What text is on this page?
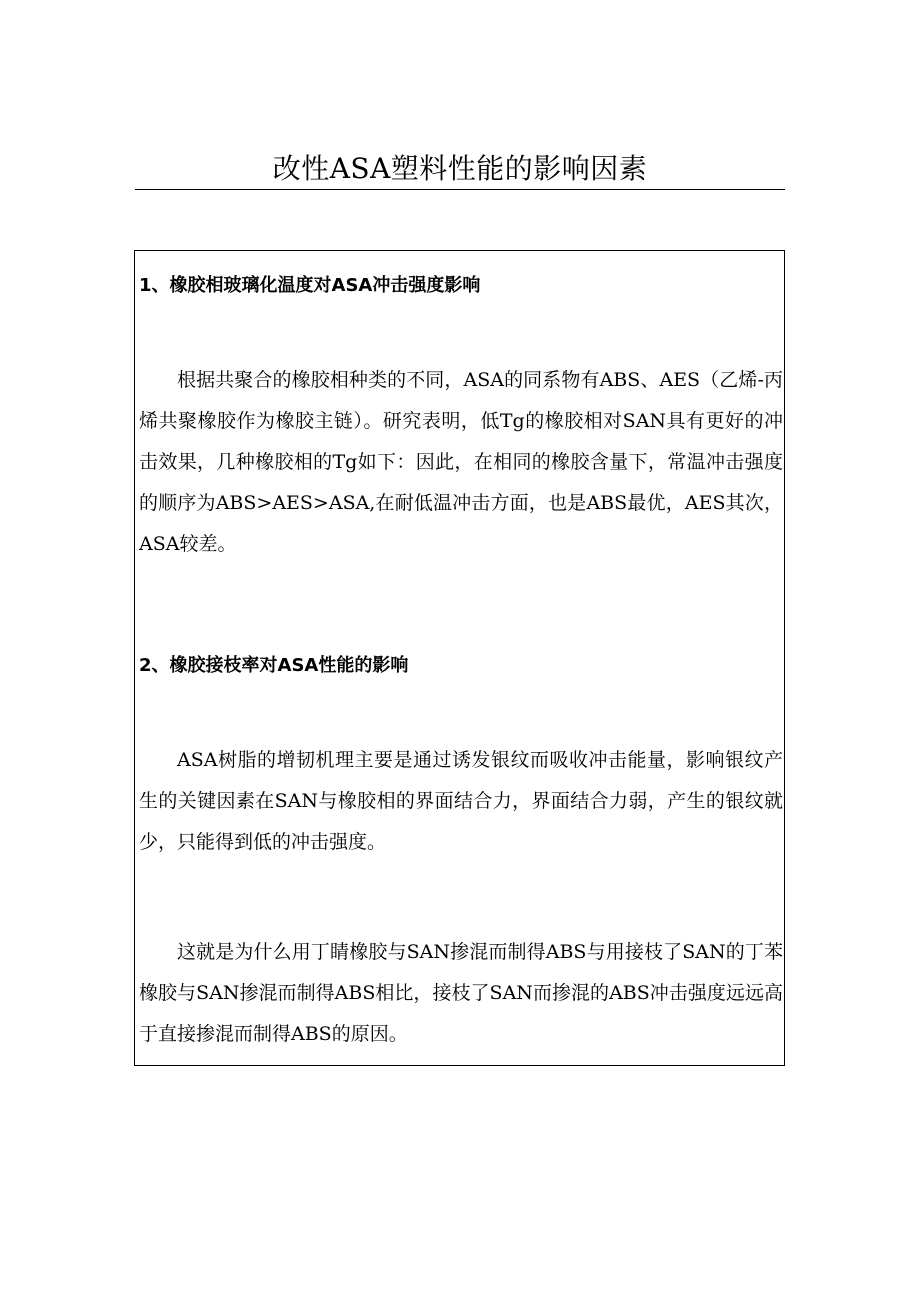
改性ASA塑料性能的影响因素
1、橡胶相玻璃化温度对ASA冲击强度影响
根据共聚合的橡胶相种类的不同，ASA的同系物有ABS、AES（乙烯-丙烯共聚橡胶作为橡胶主链）。研究表明，低Tg的橡胶相对SAN具有更好的冲击效果，几种橡胶相的Tg如下：因此，在相同的橡胶含量下，常温冲击强度的顺序为ABS>AES>ASA,在耐低温冲击方面，也是ABS最优，AES其次，ASA较差。
2、橡胶接枝率对ASA性能的影响
ASA树脂的增韧机理主要是通过诱发银纹而吸收冲击能量，影响银纹产生的关键因素在SAN与橡胶相的界面结合力，界面结合力弱，产生的银纹就少，只能得到低的冲击强度。
这就是为什么用丁睛橡胶与SAN掺混而制得ABS与用接枝了SAN的丁苯橡胶与SAN掺混而制得ABS相比，接枝了SAN而掺混的ABS冲击强度远远高于直接掺混而制得ABS的原因。
